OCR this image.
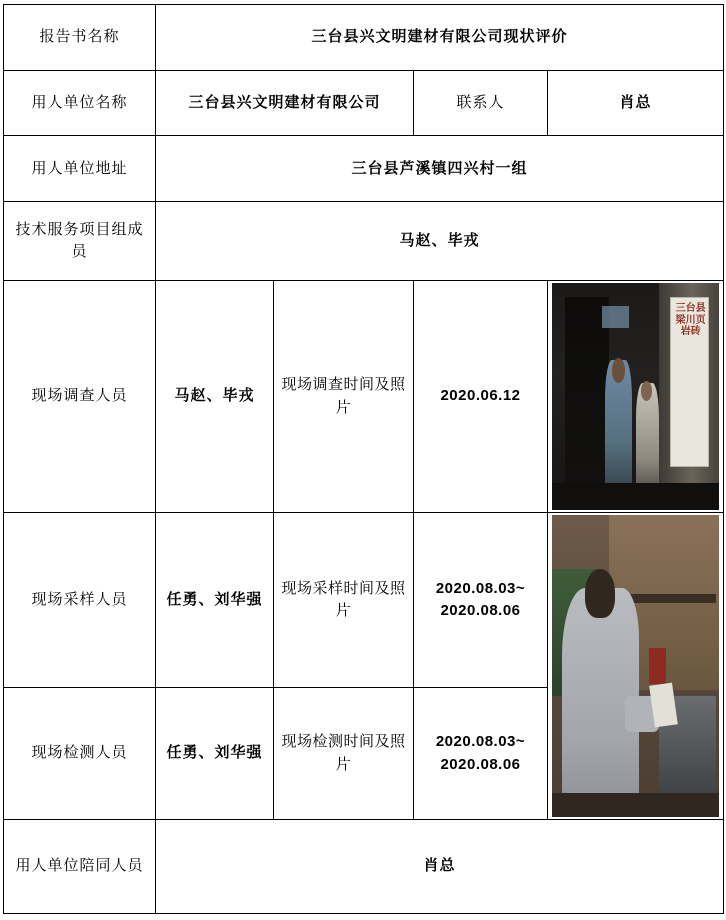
报告书名称	三台县兴文明建材有限公司现状评价			
用人单位名称	三台县兴文明建材有限公司		联系人	肖总
用人单位地址	三台县芦溪镇四兴村一组			
技术服务项目组成员	马赵、毕戎			
现场调查人员	马赵、毕戎	现场调查时间及照片	2020.06.12	三台县梁川页岩砖

现场采样人员	任勇、刘华强	现场采样时间及照片	2020.08.03~
2020.08.06	

现场检测人员	任勇、刘华强	现场检测时间及照片	2020.08.03~
2020.08.06	

用人单位陪同人员	肖总			
